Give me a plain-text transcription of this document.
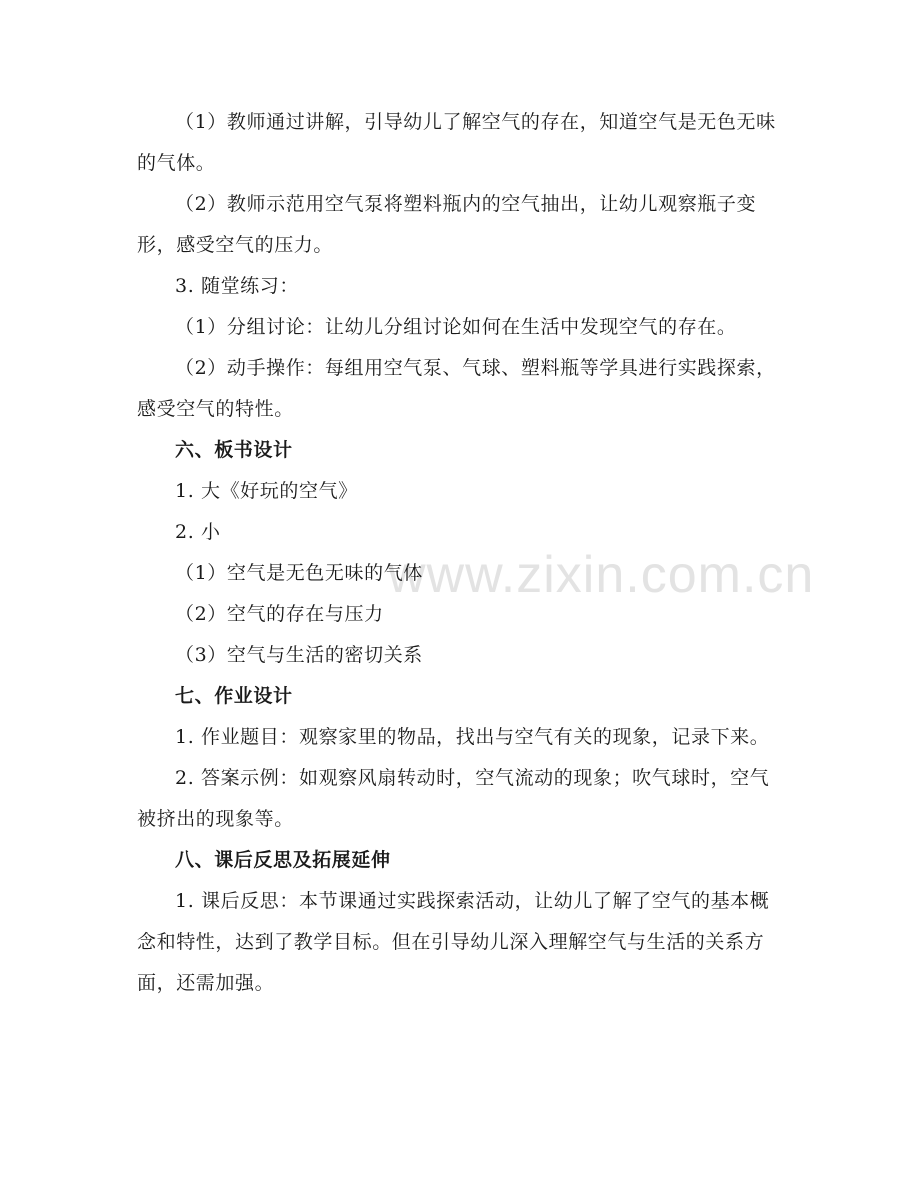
www.zixin.com.cn

（1）教师通过讲解，引导幼儿了解空气的存在，知道空气是无色无味的气体。

（2）教师示范用空气泵将塑料瓶内的空气抽出，让幼儿观察瓶子变形，感受空气的压力。

3. 随堂练习：

（1）分组讨论：让幼儿分组讨论如何在生活中发现空气的存在。

（2）动手操作：每组用空气泵、气球、塑料瓶等学具进行实践探索，感受空气的特性。

六、板书设计

1. 大《好玩的空气》

2. 小

（1）空气是无色无味的气体

（2）空气的存在与压力

（3）空气与生活的密切关系

七、作业设计

1. 作业题目：观察家里的物品，找出与空气有关的现象，记录下来。

2. 答案示例：如观察风扇转动时，空气流动的现象；吹气球时，空气被挤出的现象等。

八、课后反思及拓展延伸

1. 课后反思：本节课通过实践探索活动，让幼儿了解了空气的基本概念和特性，达到了教学目标。但在引导幼儿深入理解空气与生活的关系方面，还需加强。
